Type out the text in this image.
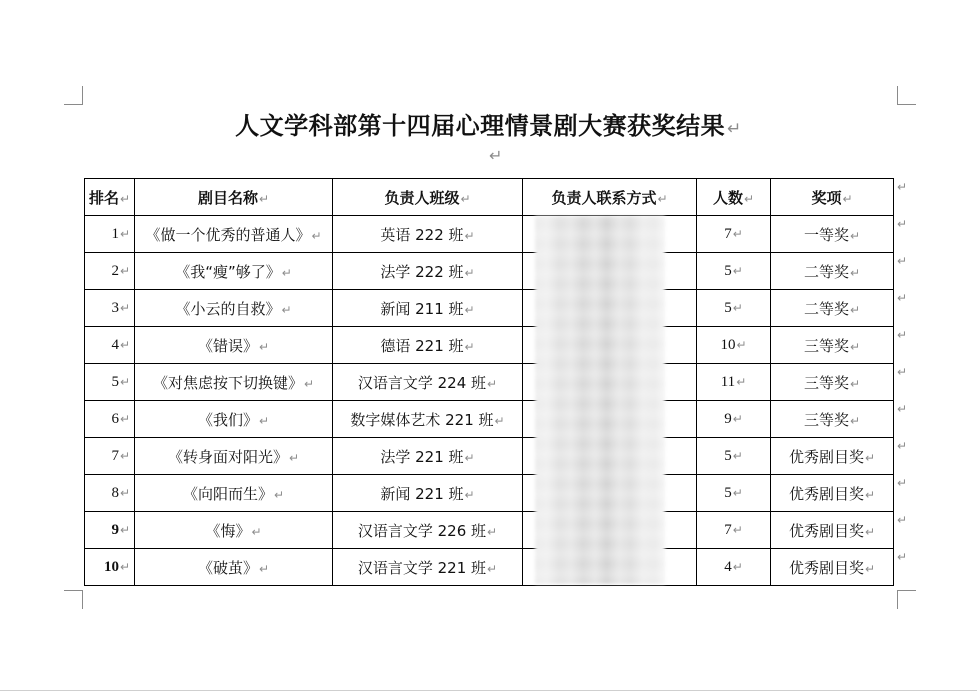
人文学科部第十四届心理情景剧大赛获奖结果 ↵
↵
排名↵	剧目名称↵	负责人班级↵	负责人联系方式↵	人数↵	奖项↵
1↵	《做一个优秀的普通人》↵	英语 222 班↵		7↵	一等奖↵
2↵	《我“瘦”够了》↵	法学 222 班↵		5↵	二等奖↵
3↵	《小云的自救》↵	新闻 211 班↵		5↵	二等奖↵
4↵	《错误》↵	德语 221 班↵		10↵	三等奖↵
5↵	《对焦虑按下切换键》↵	汉语言文学 224 班↵		11↵	三等奖↵
6↵	《我们》↵	数字媒体艺术 221 班↵		9↵	三等奖↵
7↵	《转身面对阳光》↵	法学 221 班↵		5↵	优秀剧目奖↵
8↵	《向阳而生》↵	新闻 221 班↵		5↵	优秀剧目奖↵
9↵	《悔》↵	汉语言文学 226 班↵		7↵	优秀剧目奖↵
10↵	《破茧》↵	汉语言文学 221 班↵		4↵	优秀剧目奖↵
↵
↵
↵
↵
↵
↵
↵
↵
↵
↵
↵
